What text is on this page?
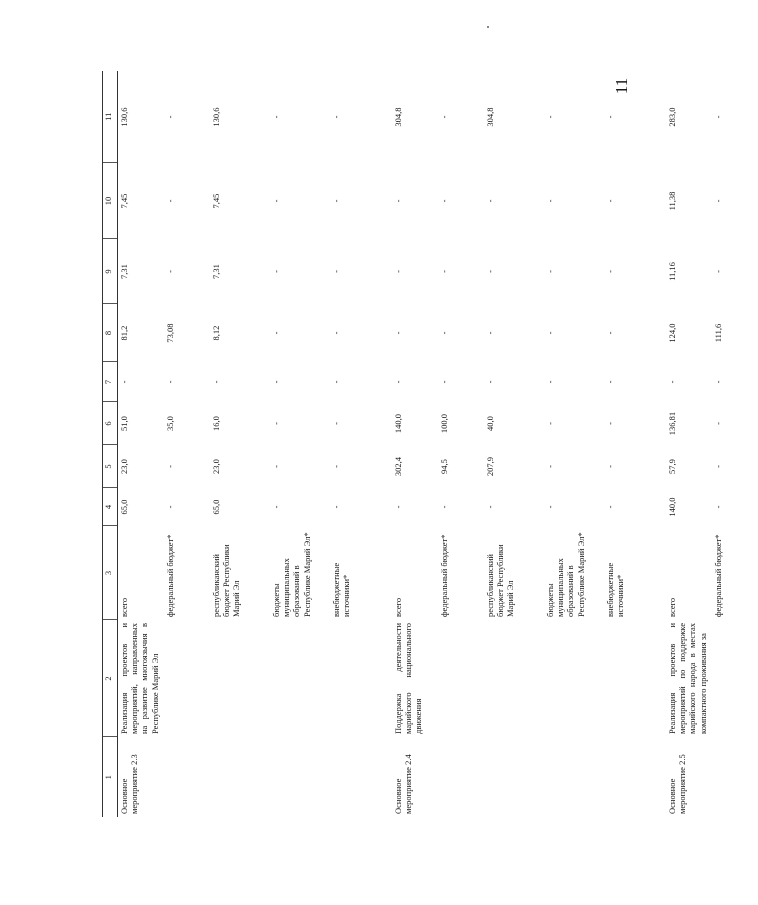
11
1	2	3	4	5	6	7	8	9	10	11
Основное мероприятие 2.3	Реализация проектов и мероприятий, направленных на развитие многоязычия в Республике Марий Эл	всего	65,0	23,0	51,0	-	81,2	7,31	7,45	130,6
		федеральный бюджет*	-	-	35,0	-	73,08	-	-	-
		республиканский бюджет Республики Марий Эл	65,0	23,0	16,0	-	8,12	7,31	7,45	130,6
		бюджеты муниципальных образований в Республике Марий Эл*	-	-	-	-	-	-	-	-
		внебюджетные источники*	-	-	-	-	-	-	-	-

Основное мероприятие 2.4	Поддержка деятельности марийского национального движения	всего	-	302,4	140,0	-	-	-	-	304,8
		федеральный бюджет*	-	94,5	100,0	-	-	-	-	-
		республиканский бюджет Республики Марий Эл	-	207,9	40,0	-	-	-	-	304,8
		бюджеты муниципальных образований в Республике Марий Эл*	-	-	-	-	-	-	-	-
		внебюджетные источники*	-	-	-	-	-	-	-	-

Основное мероприятие 2.5	Реализация проектов и мероприятий по поддержке марийского народа в местах компактного проживания за	всего	140,0	57,9	136,81	-	124,0	11,16	11,38	283,0
		федеральный бюджет*	-	-	-	-	111,6	-	-	-
